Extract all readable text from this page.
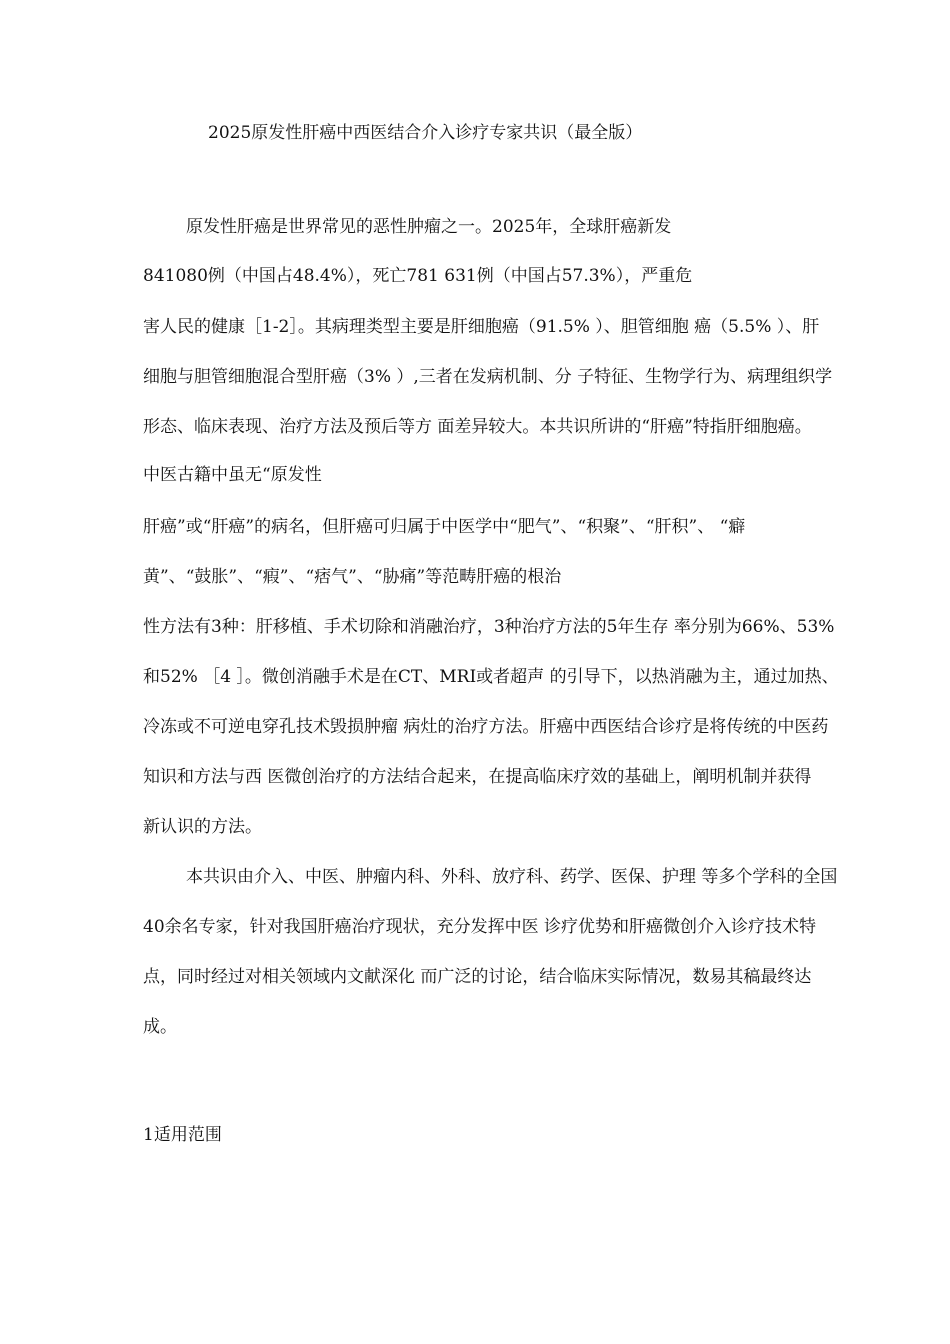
2025原发性肝癌中西医结合介入诊疗专家共识（最全版）
原发性肝癌是世界常见的恶性肿瘤之一。2025年，全球肝癌新发
841080例（中国占48.4%），死亡781 631例（中国占57.3%），严重危
害人民的健康［1-2］。其病理类型主要是肝细胞癌（91.5% ）、胆管细胞 癌（5.5% ）、肝
细胞与胆管细胞混合型肝癌（3% ）,三者在发病机制、分 子特征、生物学行为、病理组织学
形态、临床表现、治疗方法及预后等方 面差异较大。本共识所讲的“肝癌”特指肝细胞癌。
中医古籍中虽无“原发性
肝癌”或“肝癌”的病名，但肝癌可归属于中医学中“肥气”、“积聚”、“肝积”、 “癖
黄”、“鼓胀”、“瘕”、“痞气”、“胁痛”等范畴肝癌的根治
性方法有3种：肝移植、手术切除和消融治疗，3种治疗方法的5年生存 率分别为66%、53%
和52% ［4 ］。微创消融手术是在CT、MRI或者超声 的引导下，以热消融为主，通过加热、
冷冻或不可逆电穿孔技术毁损肿瘤 病灶的治疗方法。肝癌中西医结合诊疗是将传统的中医药
知识和方法与西 医微创治疗的方法结合起来，在提高临床疗效的基础上，阐明机制并获得
新认识的方法。
本共识由介入、中医、肿瘤内科、外科、放疗科、药学、医保、护理 等多个学科的全国
40余名专家，针对我国肝癌治疗现状，充分发挥中医 诊疗优势和肝癌微创介入诊疗技术特
点，同时经过对相关领域内文献深化 而广泛的讨论，结合临床实际情况，数易其稿最终达
成。
1适用范围
